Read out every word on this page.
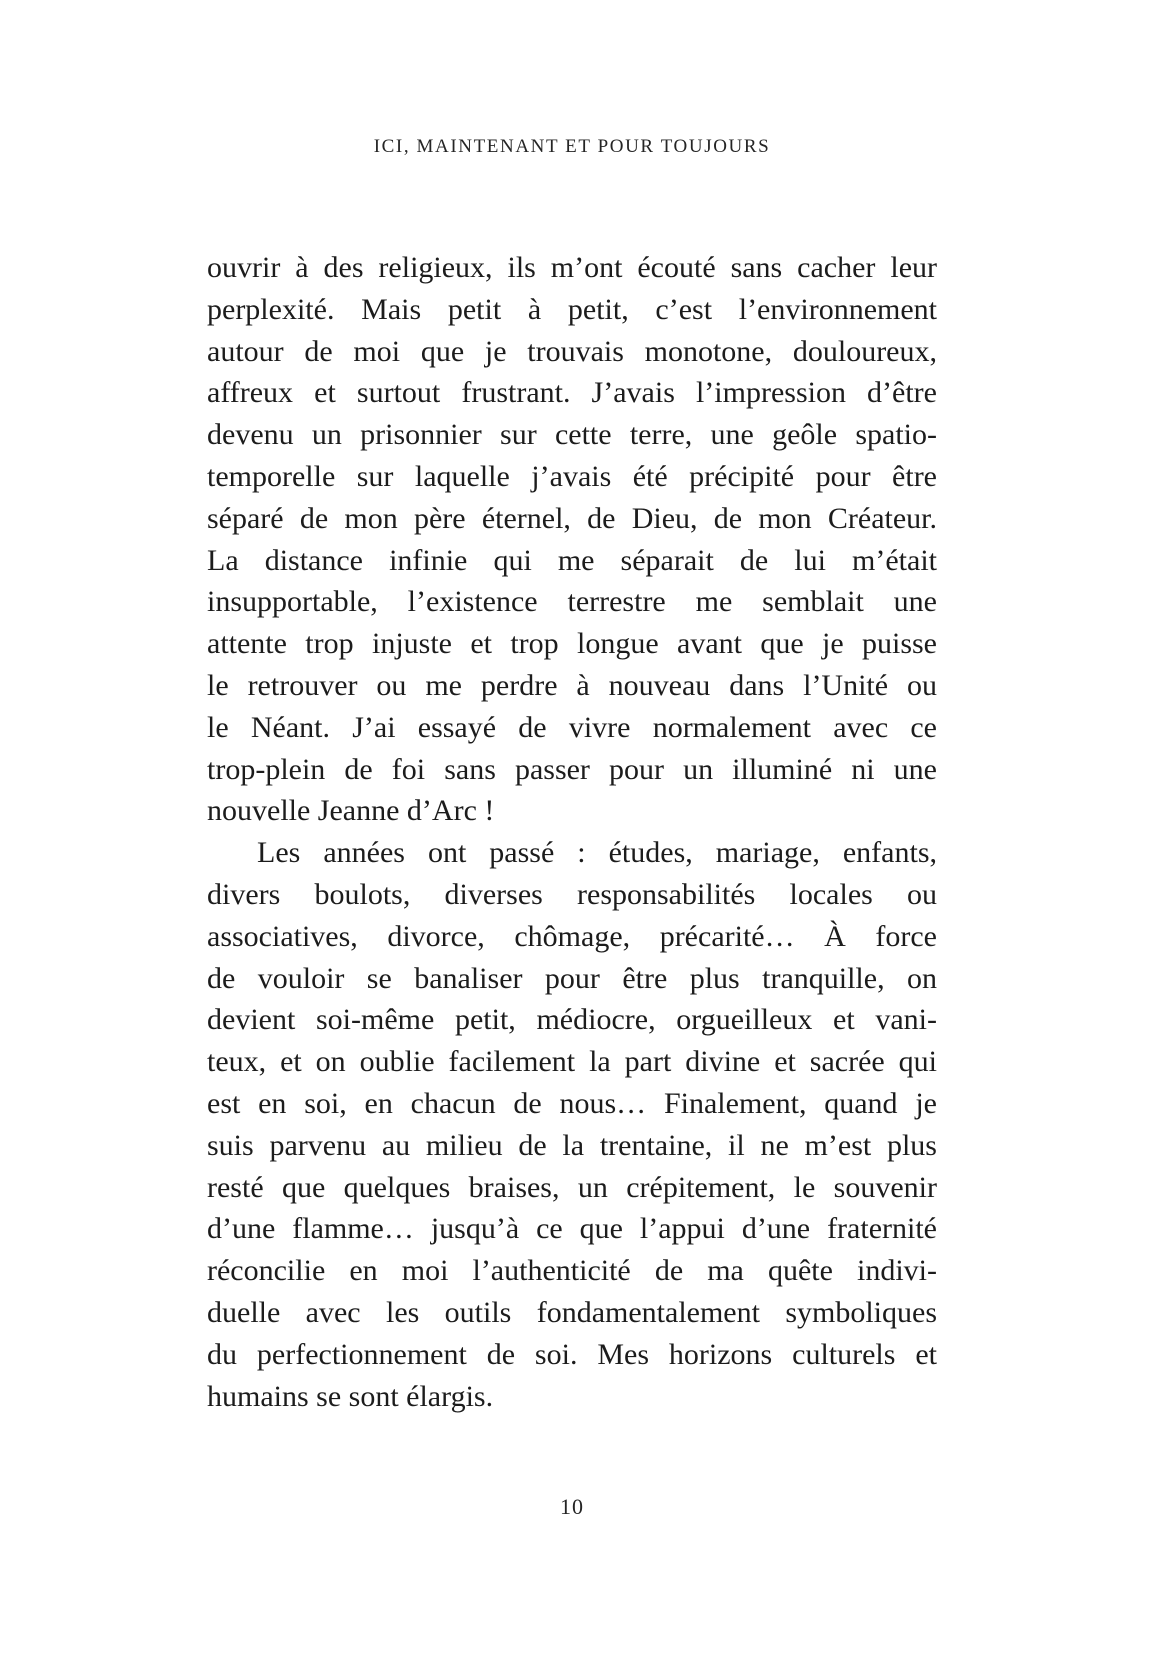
ICI, MAINTENANT ET POUR TOUJOURS
ouvrir à des religieux, ils m’ont écouté sans cacher leur
perplexité. Mais petit à petit, c’est l’environnement
autour de moi que je trouvais monotone, douloureux,
affreux et surtout frustrant. J’avais l’impression d’être
devenu un prisonnier sur cette terre, une geôle spatio-
temporelle sur laquelle j’avais été précipité pour être
séparé de mon père éternel, de Dieu, de mon Créateur.
La distance infinie qui me séparait de lui m’était
insupportable, l’existence terrestre me semblait une
attente trop injuste et trop longue avant que je puisse
le retrouver ou me perdre à nouveau dans l’Unité ou
le Néant. J’ai essayé de vivre normalement avec ce
trop-plein de foi sans passer pour un illuminé ni une
nouvelle Jeanne d’Arc !
Les années ont passé : études, mariage, enfants,
divers boulots, diverses responsabilités locales ou
associatives, divorce, chômage, précarité… À force
de vouloir se banaliser pour être plus tranquille, on
devient soi-même petit, médiocre, orgueilleux et vani-
teux, et on oublie facilement la part divine et sacrée qui
est en soi, en chacun de nous… Finalement, quand je
suis parvenu au milieu de la trentaine, il ne m’est plus
resté que quelques braises, un crépitement, le souvenir
d’une flamme… jusqu’à ce que l’appui d’une fraternité
réconcilie en moi l’authenticité de ma quête indivi-
duelle avec les outils fondamentalement symboliques
du perfectionnement de soi. Mes horizons culturels et
humains se sont élargis.
10
